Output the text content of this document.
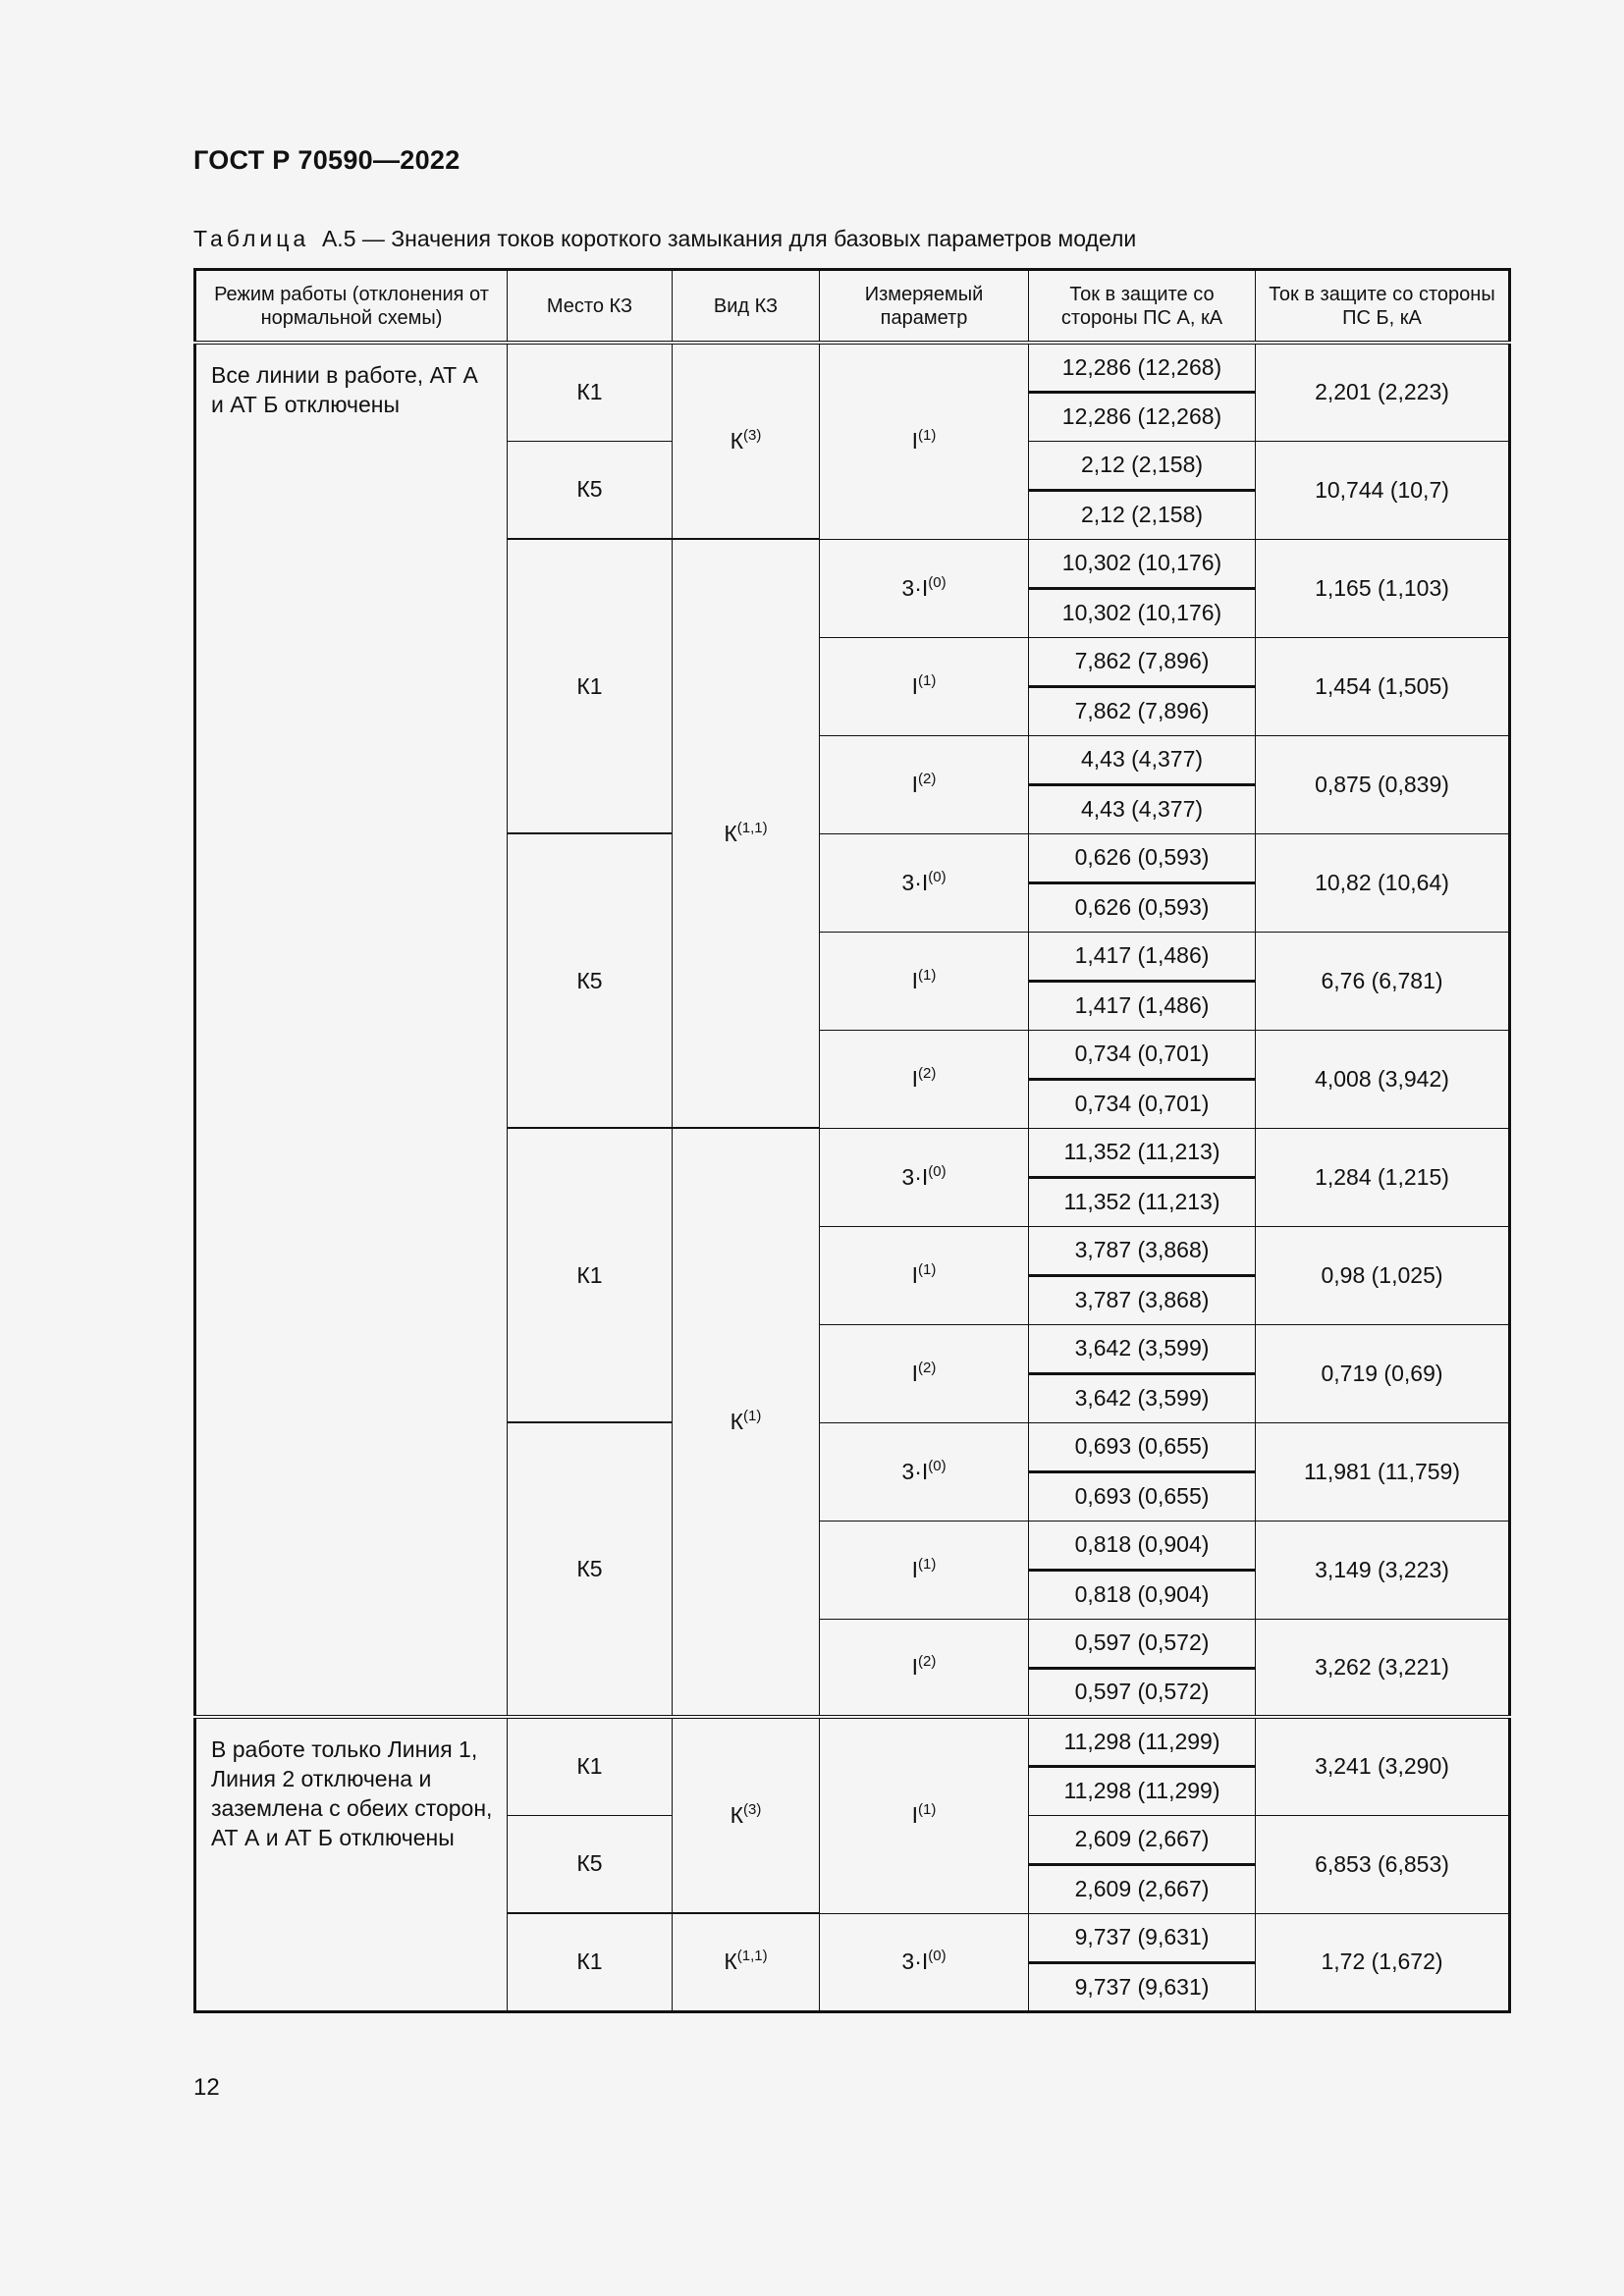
ГОСТ Р 70590—2022
Таблица А.5 — Значения токов короткого замыкания для базовых параметров модели
Режим работы (отклонения от нормальной схемы)	Место КЗ	Вид КЗ	Измеряемый параметр	Ток в защите со стороны ПС А, кА	Ток в защите со стороны ПС Б, кА
Все линии в работе, АТ А и АТ Б отключены	К1	$К^{(3)}$	$I^{(1)}$	12,286 (12,268)	2,201 (2,223)
				12,286 (12,268)	
	К5			2,12 (2,158)	10,744 (10,7)
				2,12 (2,158)	
	К1	К$^{(1,1)}$	$3\cdot I^{(0)}$	10,302 (10,176)	1,165 (1,103)
				10,302 (10,176)	
			$I^{(1)}$	7,862 (7,896)	1,454 (1,505)
				7,862 (7,896)	
			$I^{(2)}$	4,43 (4,377)	0,875 (0,839)
				4,43 (4,377)	
	К5		$3\cdot I^{(0)}$	0,626 (0,593)	10,82 (10,64)
				0,626 (0,593)	
			$I^{(1)}$	1,417 (1,486)	6,76 (6,781)
				1,417 (1,486)	
			$I^{(2)}$	0,734 (0,701)	4,008 (3,942)
				0,734 (0,701)	
	К1	$К^{(1)}$	$3\cdot I^{(0)}$	11,352 (11,213)	1,284 (1,215)
				11,352 (11,213)	
			$I^{(1)}$	3,787 (3,868)	0,98 (1,025)
				3,787 (3,868)	
			$I^{(2)}$	3,642 (3,599)	0,719 (0,69)
				3,642 (3,599)	
	К5		$3\cdot I^{(0)}$	0,693 (0,655)	11,981 (11,759)
				0,693 (0,655)	
			$I^{(1)}$	0,818 (0,904)	3,149 (3,223)
				0,818 (0,904)	
			$I^{(2)}$	0,597 (0,572)	3,262 (3,221)
				0,597 (0,572)	
В работе только Линия 1, Линия 2 отключена и заземлена с обеих сторон, АТ А и АТ Б отключены	К1	$К^{(3)}$	$I^{(1)}$	11,298 (11,299)	3,241 (3,290)
				11,298 (11,299)	
	К5			2,609 (2,667)	6,853 (6,853)
				2,609 (2,667)	
	К1	К$^{(1,1)}$	$3\cdot I^{(0)}$	9,737 (9,631)	1,72 (1,672)
				9,737 (9,631)	
12
